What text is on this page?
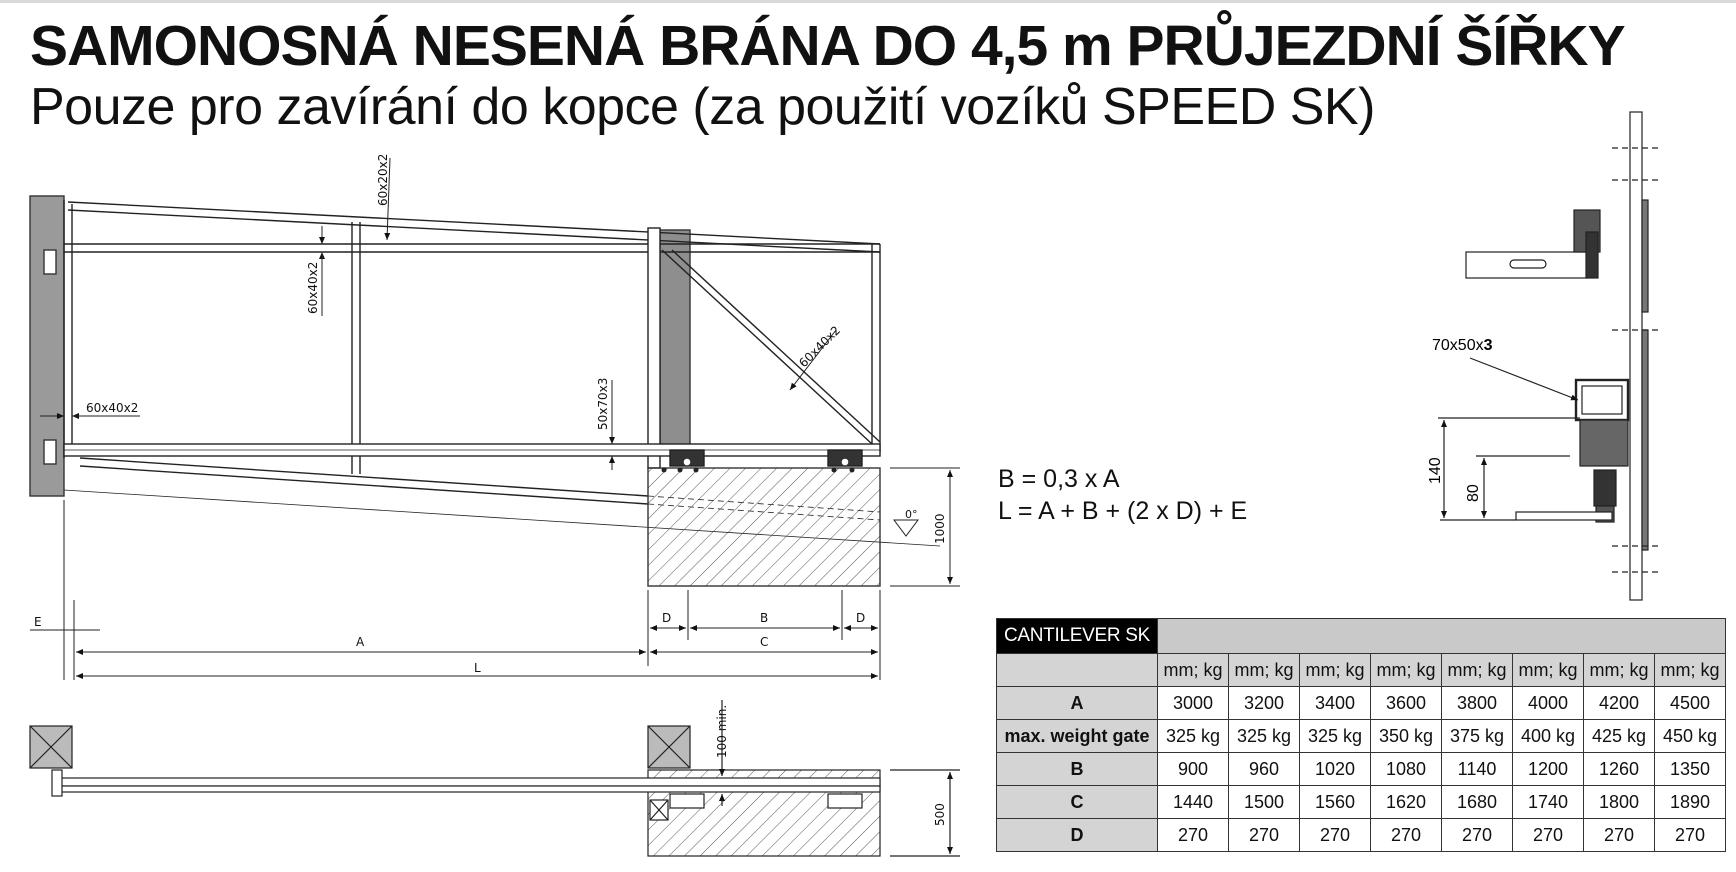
SAMONOSNÁ NESENÁ BRÁNA DO 4,5 m PRŮJEZDNÍ ŠÍŘKY
Pouze pro zavírání do kopce (za použití vozíků SPEED SK)
60x20x2
60x40x2
60x40x2
60x40x2	50x70x3
1000
0°
E
A
L
C
D	B	D
100 min.
500
70x50x3
140
80
B = 0,3 x A
L = A + B + (2 x D) + E
CANTILEVER SK								
	mm; kg	mm; kg	mm; kg	mm; kg	mm; kg	mm; kg	mm; kg	mm; kg
A	3000	3200	3400	3600	3800	4000	4200	4500
max. weight gate	325 kg	325 kg	325 kg	350 kg	375 kg	400 kg	425 kg	450 kg
B	900	960	1020	1080	1140	1200	1260	1350
C	1440	1500	1560	1620	1680	1740	1800	1890
D	270	270	270	270	270	270	270	270
